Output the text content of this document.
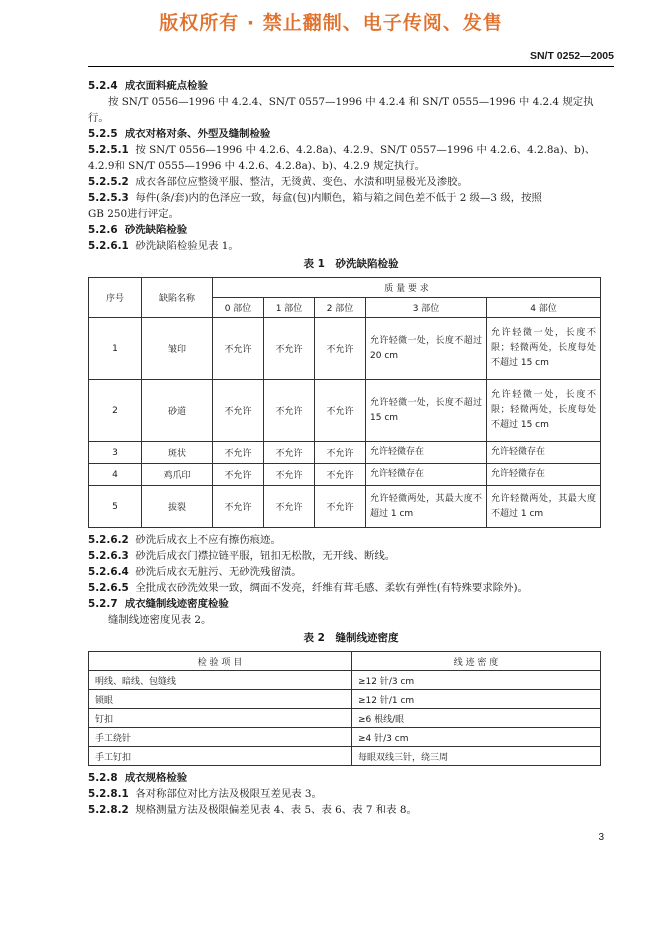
版权所有 · 禁止翻制、电子传阅、发售
SN/T 0252—2005
5.2.4 成衣面料疵点检验
按 SN/T 0556—1996 中 4.2.4、SN/T 0557—1996 中 4.2.4 和 SN/T 0555—1996 中 4.2.4 规定执
行。
5.2.5 成衣对格对条、外型及缝制检验
5.2.5.1 按 SN/T 0556—1996 中 4.2.6、4.2.8a)、4.2.9、SN/T 0557—1996 中 4.2.6、4.2.8a)、b)、
4.2.9和 SN/T 0555—1996 中 4.2.6、4.2.8a)、b)、4.2.9 规定执行。
5.2.5.2 成衣各部位应整烫平服、整洁，无烫黄、变色、水渍和明显极光及渗胶。
5.2.5.3 每件(条/套)内的色泽应一致，每盒(包)内顺色，箱与箱之间色差不低于 2 级—3 级，按照
GB 250进行评定。
5.2.6 砂洗缺陷检验
5.2.6.1 砂洗缺陷检验见表 1。
表 1　砂洗缺陷检验
序号	缺陷名称	质 量 要 求				
		0 部位	1 部位	2 部位	3 部位	4 部位
1	皱印	不允许	不允许	不允许	允许轻微一处，长度不超过 20 cm	允许轻微一处，长度不限；轻微两处，长度每处不超过 15 cm
2	砂道	不允许	不允许	不允许	允许轻微一处，长度不超过 15 cm	允许轻微一处，长度不限；轻微两处，长度每处不超过 15 cm
3	斑状	不允许	不允许	不允许	允许轻微存在	允许轻微存在
4	鸡爪印	不允许	不允许	不允许	允许轻微存在	允许轻微存在
5	拔裂	不允许	不允许	不允许	允许轻微两处，其最大度不超过 1 cm	允许轻微两处，其最大度不超过 1 cm
5.2.6.2 砂洗后成衣上不应有擦伤痕迹。
5.2.6.3 砂洗后成衣门襟拉链平服，钮扣无松散，无开线、断线。
5.2.6.4 砂洗后成衣无脏污、无砂洗残留渍。
5.2.6.5 全批成衣砂洗效果一致，绸面不发亮，纤维有茸毛感、柔软有弹性(有特殊要求除外)。
5.2.7 成衣缝制线迹密度检验
缝制线迹密度见表 2。
表 2　缝制线迹密度
检 验 项 目	线 迹 密 度
明线、暗线、包缝线	≥12 针/3 cm
锁眼	≥12 针/1 cm
钉扣	≥6 根线/眼
手工绕针	≥4 针/3 cm
手工钉扣	每眼双线三针，绕三周
5.2.8 成衣规格检验
5.2.8.1 各对称部位对比方法及极限互差见表 3。
5.2.8.2 规格测量方法及极限偏差见表 4、表 5、表 6、表 7 和表 8。
3
